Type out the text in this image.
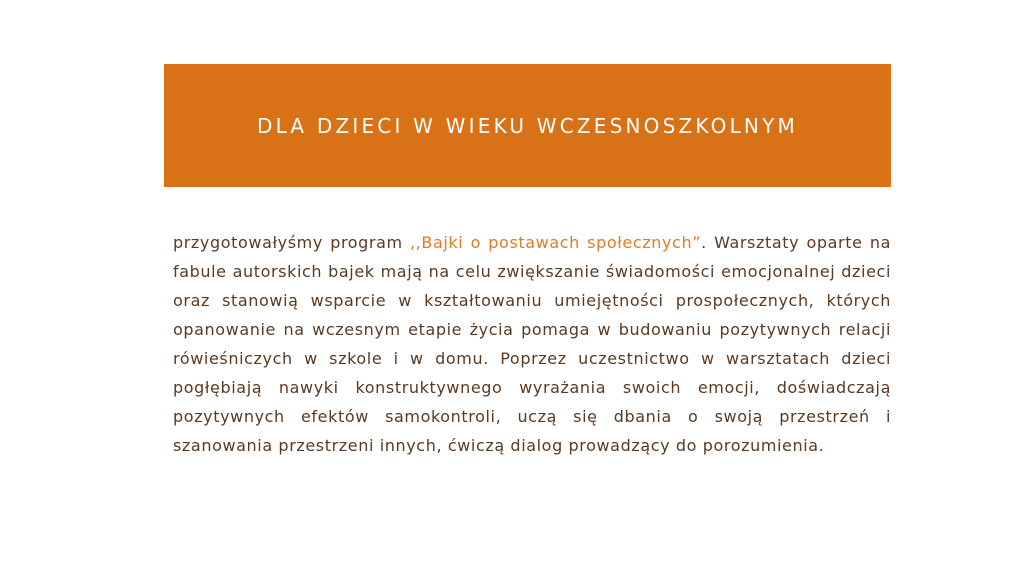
DLA DZIECI W WIEKU WCZESNOSZKOLNYM

przygotowałyśmy program ,,Bajki o postawach społecznych”. Warsztaty oparte na fabule autorskich bajek mają na celu zwiększanie świadomości emocjonalnej dzieci oraz stanowią wsparcie w kształtowaniu umiejętności prospołecznych, których opanowanie na wczesnym etapie życia pomaga w budowaniu pozytywnych relacji rówieśniczych w szkole i w domu. Poprzez uczestnictwo w warsztatach dzieci pogłębiają nawyki konstruktywnego wyrażania swoich emocji, doświadczają pozytywnych efektów samokontroli, uczą się dbania o swoją przestrzeń i szanowania przestrzeni innych, ćwiczą dialog prowadzący do porozumienia.
